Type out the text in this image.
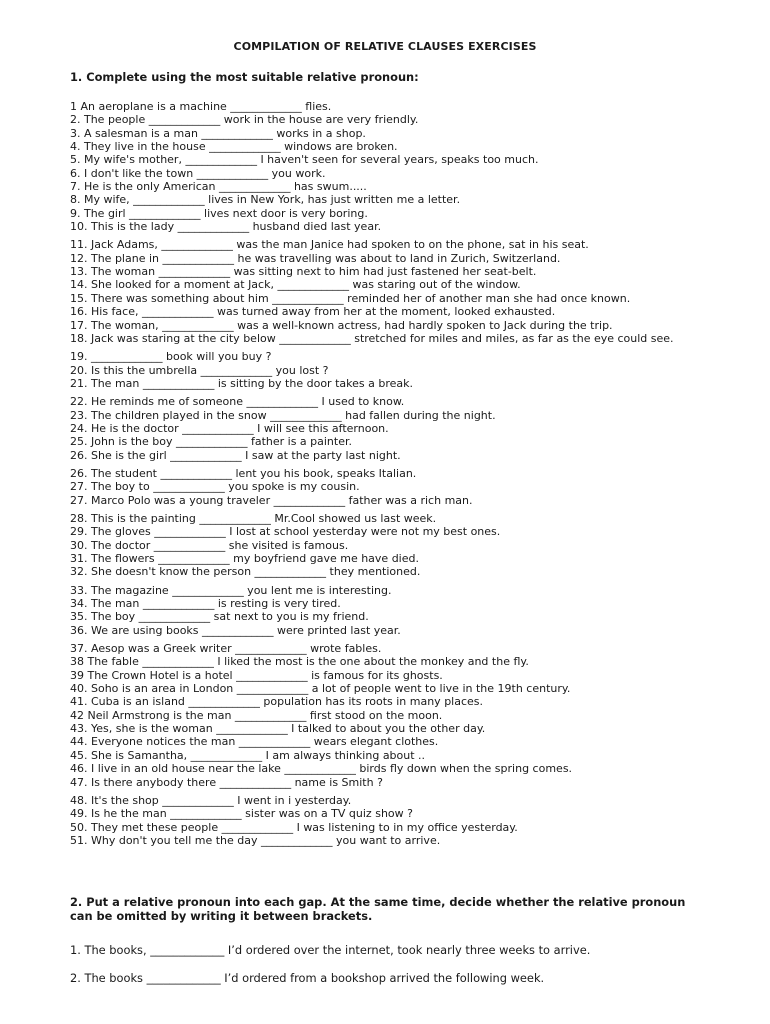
COMPILATION OF RELATIVE CLAUSES EXERCISES
1. Complete using the most suitable relative pronoun:
1 An aeroplane is a machine _____________ flies.
2. The people _____________ work in the house are very friendly.
3. A salesman is a man _____________ works in a shop.
4. They live in the house _____________ windows are broken.
5. My wife's mother, _____________ I haven't seen for several years, speaks too much.
6. I don't like the town _____________ you work.
7. He is the only American _____________ has swum.....
8. My wife, _____________ lives in New York, has just written me a letter.
9. The girl _____________ lives next door is very boring.
10. This is the lady _____________ husband died last year.
11. Jack Adams, _____________ was the man Janice had spoken to on the phone, sat in his seat.
12. The plane in _____________ he was travelling was about to land in Zurich, Switzerland.
13. The woman _____________ was sitting next to him had just fastened her seat-belt.
14. She looked for a moment at Jack, _____________ was staring out of the window.
15. There was something about him _____________ reminded her of another man she had once known.
16. His face, _____________ was turned away from her at the moment, looked exhausted.
17. The woman, _____________ was a well-known actress, had hardly spoken to Jack during the trip.
18. Jack was staring at the city below _____________ stretched for miles and miles, as far as the eye could see.
19. _____________ book will you buy ?
20. Is this the umbrella _____________ you lost ?
21. The man _____________ is sitting by the door takes a break.
22. He reminds me of someone _____________ I used to know.
23. The children played in the snow _____________ had fallen during the night.
24. He is the doctor _____________ I will see this afternoon.
25. John is the boy _____________ father is a painter.
26. She is the girl _____________ I saw at the party last night.
26. The student _____________ lent you his book, speaks Italian.
27. The boy to _____________ you spoke is my cousin.
27. Marco Polo was a young traveler _____________ father was a rich man.
28. This is the painting _____________ Mr.Cool showed us last week.
29. The gloves _____________ I lost at school yesterday were not my best ones.
30. The doctor _____________ she visited is famous.
31. The flowers _____________ my boyfriend gave me have died.
32. She doesn't know the person _____________ they mentioned.
33. The magazine _____________ you lent me is interesting.
34. The man _____________ is resting is very tired.
35. The boy _____________ sat next to you is my friend.
36. We are using books _____________ were printed last year.
37. Aesop was a Greek writer _____________ wrote fables.
38 The fable _____________ I liked the most is the one about the monkey and the fly.
39 The Crown Hotel is a hotel _____________ is famous for its ghosts.
40. Soho is an area in London _____________ a lot of people went to live in the 19th century.
41. Cuba is an island _____________ population has its roots in many places.
42 Neil Armstrong is the man _____________ first stood on the moon.
43. Yes, she is the woman _____________ I talked to about you the other day.
44. Everyone notices the man _____________ wears elegant clothes.
45. She is Samantha, _____________ I am always thinking about ..
46. I live in an old house near the lake _____________ birds fly down when the spring comes.
47. Is there anybody there _____________ name is Smith ?
48. It's the shop _____________ I went in i yesterday.
49. Is he the man _____________ sister was on a TV quiz show ?
50. They met these people _____________ I was listening to in my office yesterday.
51. Why don't you tell me the day _____________ you want to arrive.
2. Put a relative pronoun into each gap. At the same time, decide whether the relative pronoun can be omitted by writing it between brackets.
1. The books, _____________ I’d ordered over the internet, took nearly three weeks to arrive.
2. The books _____________ I’d ordered from a bookshop arrived the following week.
